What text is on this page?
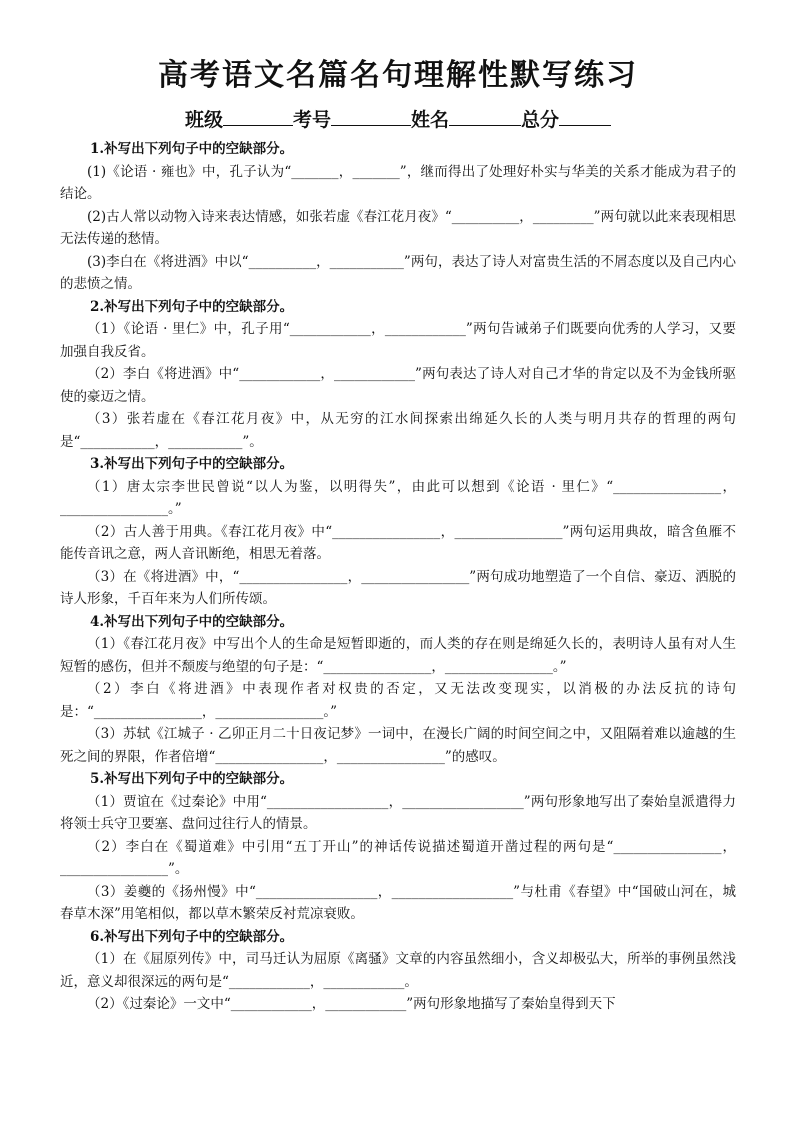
高考语文名篇名句理解性默写练习
班级	考号	姓名	总分

1.补写出下列句子中的空缺部分。

(1)《论语 · 雍也》中，孔子认为“_______，_______”，继而得出了处理好朴实与华美的关系才能成为君子的结论。

(2)古人常以动物入诗来表达情感，如张若虚《春江花月夜》“__________，_________”两句就以此来表现相思无法传递的愁情。

(3)李白在《将进酒》中以“__________，___________”两句，表达了诗人对富贵生活的不屑态度以及自己内心的悲愤之情。

2.补写出下列句子中的空缺部分。

（1）《论语 · 里仁》中，孔子用“____________，____________”两句告诫弟子们既要向优秀的人学习，又要加强自我反省。

（2）李白《将进酒》中“____________，____________”两句表达了诗人对自己才华的肯定以及不为金钱所驱使的豪迈之情。

（3）张若虚在《春江花月夜》中，从无穷的江水间探索出绵延久长的人类与明月共存的哲理的两句是“___________，___________”。

3.补写出下列句子中的空缺部分。

（1）唐太宗李世民曾说“以人为鉴，以明得失”，由此可以想到《论语 · 里仁》“________________，________________。”

（2）古人善于用典。《春江花月夜》中“________________，________________”两句运用典故，暗含鱼雁不能传音讯之意，两人音讯断绝，相思无着落。

（3）在《将进酒》中，“________________，________________”两句成功地塑造了一个自信、豪迈、洒脱的诗人形象，千百年来为人们所传颂。

4.补写出下列句子中的空缺部分。

（1）《春江花月夜》中写出个人的生命是短暂即逝的，而人类的存在则是绵延久长的，表明诗人虽有对人生短暂的感伤，但并不颓废与绝望的句子是：“________________，________________。”

（2）李白《将进酒》中表现作者对权贵的否定，又无法改变现实，以消极的办法反抗的诗句是：“________________，________________。”

（3）苏轼《江城子 · 乙卯正月二十日夜记梦》一词中，在漫长广阔的时间空间之中，又阻隔着难以逾越的生死之间的界限，作者倍增“________________，________________”的感叹。

5.补写出下列句子中的空缺部分。

（1）贾谊在《过秦论》中用“__________________，__________________”两句形象地写出了秦始皇派遣得力将领士兵守卫要塞、盘问过往行人的情景。

（2）李白在《蜀道难》中引用“五丁开山”的神话传说描述蜀道开凿过程的两句是“________________，________________”。

（3）姜夔的《扬州慢》中“__________________，__________________”与杜甫《春望》中“国破山河在，城春草木深”用笔相似，都以草木繁荣反衬荒凉衰败。

6.补写出下列句子中的空缺部分。

（1）在《屈原列传》中，司马迁认为屈原《离骚》文章的内容虽然细小，含义却极弘大，所举的事例虽然浅近，意义却很深远的两句是“____________，____________。

（2）《过秦论》一文中“____________，____________”两句形象地描写了秦始皇得到天下
